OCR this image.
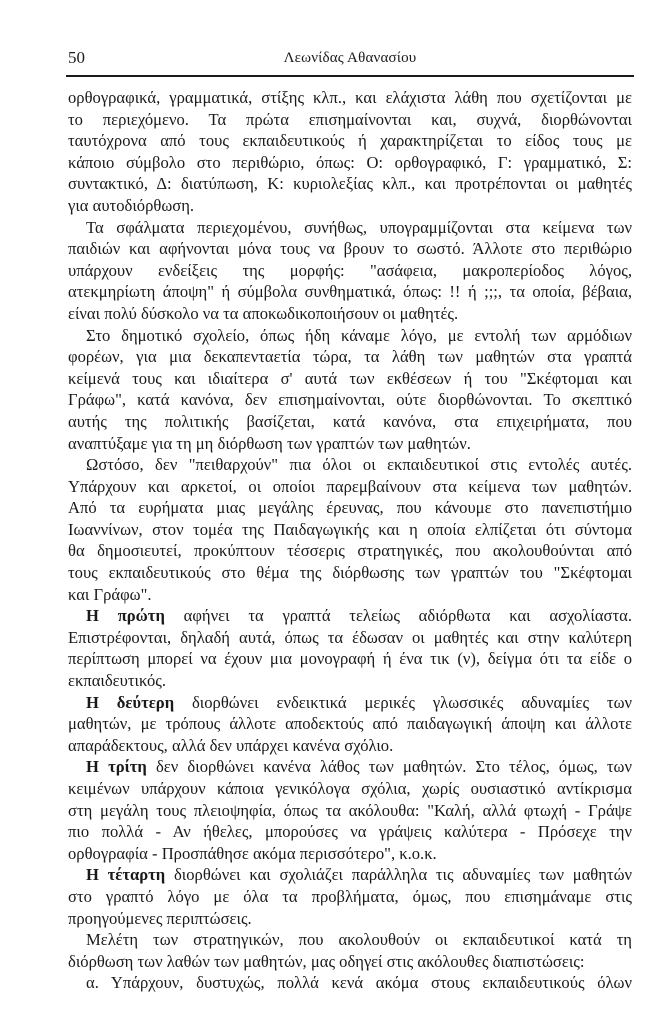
50	Λεωνίδας Αθανασίου
ορθογραφικά, γραμματικά, στίξης κλπ., και ελάχιστα λάθη που σχετίζονται με
το περιεχόμενο. Τα πρώτα επισημαίνονται και, συχνά, διορθώνονται
ταυτόχρονα από τους εκπαιδευτικούς ή χαρακτηρίζεται το είδος τους με
κάποιο σύμβολο στο περιθώριο, όπως: Ο: ορθογραφικό, Γ: γραμματικό, Σ:
συντακτικό, Δ: διατύπωση, Κ: κυριολεξίας κλπ., και προτρέπονται οι μαθητές
για αυτοδιόρθωση.
Τα σφάλματα περιεχομένου, συνήθως, υπογραμμίζονται στα κείμενα των
παιδιών και αφήνονται μόνα τους να βρουν το σωστό. Άλλοτε στο περιθώριο
υπάρχουν ενδείξεις της μορφής: "ασάφεια, μακροπερίοδος λόγος,
ατεκμηρίωτη άποψη" ή σύμβολα συνθηματικά, όπως: !! ή ;;;, τα οποία, βέβαια,
είναι πολύ δύσκολο να τα αποκωδικοποιήσουν οι μαθητές.
Στο δημοτικό σχολείο, όπως ήδη κάναμε λόγο, με εντολή των αρμόδιων
φορέων, για μια δεκαπενταετία τώρα, τα λάθη των μαθητών στα γραπτά
κείμενά τους και ιδιαίτερα σ' αυτά των εκθέσεων ή του "Σκέφτομαι και
Γράφω", κατά κανόνα, δεν επισημαίνονται, ούτε διορθώνονται. Το σκεπτικό
αυτής της πολιτικής βασίζεται, κατά κανόνα, στα επιχειρήματα, που
αναπτύξαμε για τη μη διόρθωση των γραπτών των μαθητών.
Ωστόσο, δεν "πειθαρχούν" πια όλοι οι εκπαιδευτικοί στις εντολές αυτές.
Υπάρχουν και αρκετοί, οι οποίοι παρεμβαίνουν στα κείμενα των μαθητών.
Από τα ευρήματα μιας μεγάλης έρευνας, που κάνουμε στο πανεπιστήμιο
Ιωαννίνων, στον τομέα της Παιδαγωγικής και η οποία ελπίζεται ότι σύντομα
θα δημοσιευτεί, προκύπτουν τέσσερις στρατηγικές, που ακολουθούνται από
τους εκπαιδευτικούς στο θέμα της διόρθωσης των γραπτών του "Σκέφτομαι
και Γράφω".
Η πρώτη αφήνει τα γραπτά τελείως αδιόρθωτα και ασχολίαστα.
Επιστρέφονται, δηλαδή αυτά, όπως τα έδωσαν οι μαθητές και στην καλύτερη
περίπτωση μπορεί να έχουν μια μονογραφή ή ένα τικ (ν), δείγμα ότι τα είδε ο
εκπαιδευτικός.
Η δεύτερη διορθώνει ενδεικτικά μερικές γλωσσικές αδυναμίες των
μαθητών, με τρόπους άλλοτε αποδεκτούς από παιδαγωγική άποψη και άλλοτε
απαράδεκτους, αλλά δεν υπάρχει κανένα σχόλιο.
Η τρίτη δεν διορθώνει κανένα λάθος των μαθητών. Στο τέλος, όμως, των
κειμένων υπάρχουν κάποια γενικόλογα σχόλια, χωρίς ουσιαστικό αντίκρισμα
στη μεγάλη τους πλειοψηφία, όπως τα ακόλουθα: "Καλή, αλλά φτωχή - Γράψε
πιο πολλά - Αν ήθελες, μπορούσες να γράψεις καλύτερα - Πρόσεχε την
ορθογραφία - Προσπάθησε ακόμα περισσότερο", κ.ο.κ.
Η τέταρτη διορθώνει και σχολιάζει παράλληλα τις αδυναμίες των μαθητών
στο γραπτό λόγο με όλα τα προβλήματα, όμως, που επισημάναμε στις
προηγούμενες περιπτώσεις.
Μελέτη των στρατηγικών, που ακολουθούν οι εκπαιδευτικοί κατά τη
διόρθωση των λαθών των μαθητών, μας οδηγεί στις ακόλουθες διαπιστώσεις:
α. Υπάρχουν, δυστυχώς, πολλά κενά ακόμα στους εκπαιδευτικούς όλων
